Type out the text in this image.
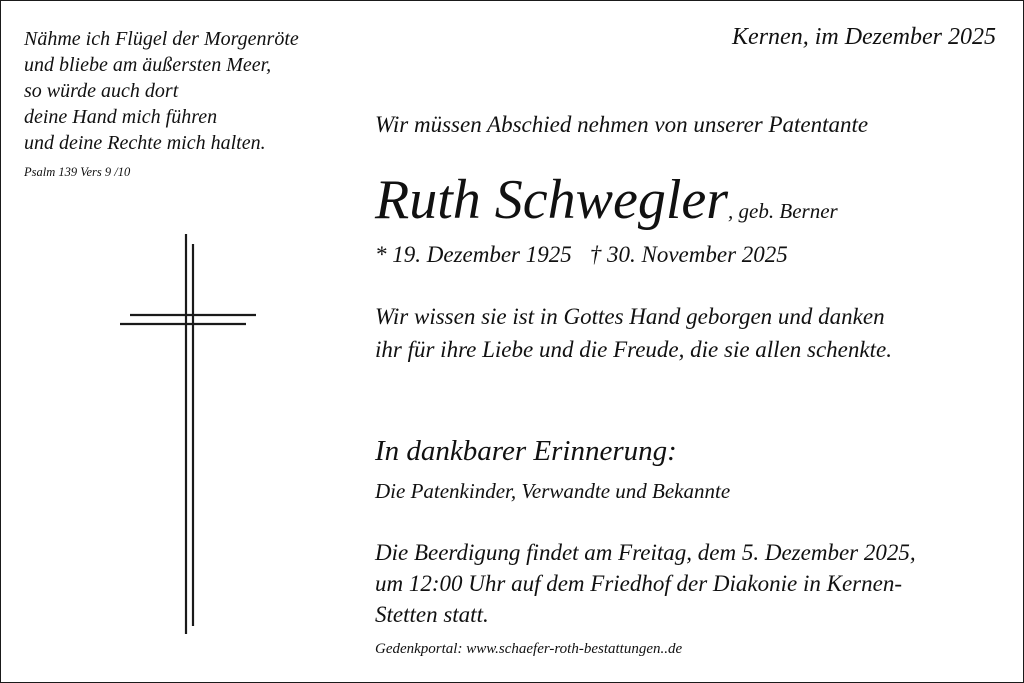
Nähme ich Flügel der Morgenröte
und bliebe am äußersten Meer,
so würde auch dort
deine Hand mich führen
und deine Rechte mich halten.
Psalm 139 Vers 9 /10
Kernen, im Dezember 2025
Wir müssen Abschied nehmen von unserer Patentante
Ruth Schwegler, geb. Berner
* 19. Dezember 1925 † 30. November 2025
Wir wissen sie ist in Gottes Hand geborgen und danken
ihr für ihre Liebe und die Freude, die sie allen schenkte.
In dankbarer Erinnerung:
Die Patenkinder, Verwandte und Bekannte
Die Beerdigung findet am Freitag, dem 5. Dezember 2025,
um 12:00 Uhr auf dem Friedhof der Diakonie in Kernen-
Stetten statt.
Gedenkportal: www.schaefer-roth-bestattungen..de
